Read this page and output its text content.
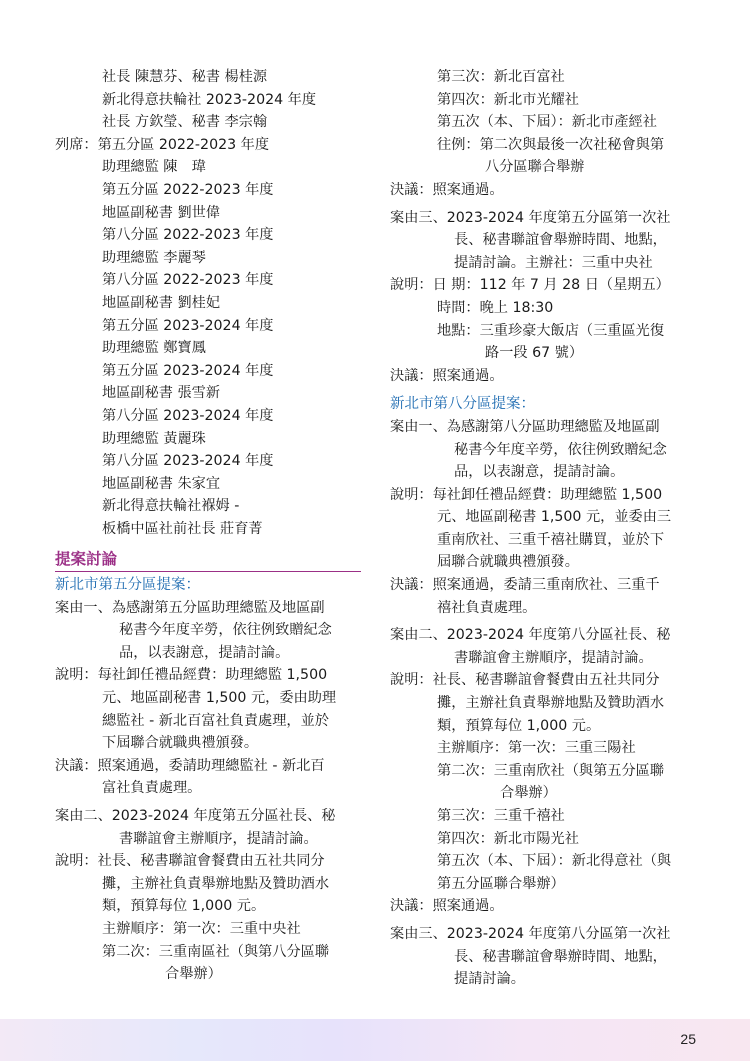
社長 陳慧芬、秘書 楊桂源
新北得意扶輪社 2023-2024 年度
社長 方欽瑩、秘書 李宗翰
列席：第五分區 2022-2023 年度
助理總監 陳　瑋
第五分區 2022-2023 年度
地區副秘書 劉世偉
第八分區 2022-2023 年度
助理總監 李麗琴
第八分區 2022-2023 年度
地區副秘書 劉桂妃
第五分區 2023-2024 年度
助理總監 鄭寶鳳
第五分區 2023-2024 年度
地區副秘書 張雪新
第八分區 2023-2024 年度
助理總監 黃麗珠
第八分區 2023-2024 年度
地區副秘書 朱家宜
新北得意扶輪社褓姆 -
板橋中區社前社長 莊育菁
提案討論
新北市第五分區提案：
案由一、為感謝第五分區助理總監及地區副
秘書今年度辛勞，依往例致贈紀念
品，以表謝意，提請討論。
說明：每社卸任禮品經費：助理總監 1,500
元、地區副秘書 1,500 元，委由助理
總監社 - 新北百富社負責處理，並於
下屆聯合就職典禮頒發。
決議：照案通過，委請助理總監社 - 新北百
富社負責處理。
案由二、2023-2024 年度第五分區社長、秘
書聯誼會主辦順序，提請討論。
說明：社長、秘書聯誼會餐費由五社共同分
攤，主辦社負責舉辦地點及贊助酒水
類，預算每位 1,000 元。
主辦順序：第一次：三重中央社
第二次：三重南區社（與第八分區聯
合舉辦）
第三次：新北百富社
第四次：新北市光耀社
第五次（本、下屆）：新北市產經社
往例：第二次與最後一次社秘會與第
八分區聯合舉辦
決議：照案通過。
案由三、2023-2024 年度第五分區第一次社
長、秘書聯誼會舉辦時間、地點，
提請討論。主辦社：三重中央社
說明：日 期：112 年 7 月 28 日（星期五）
時間：晚上 18:30
地點：三重珍豪大飯店（三重區光復
路一段 67 號）
決議：照案通過。
新北市第八分區提案：
案由一、為感謝第八分區助理總監及地區副
秘書今年度辛勞，依往例致贈紀念
品，以表謝意，提請討論。
說明：每社卸任禮品經費：助理總監 1,500
元、地區副秘書 1,500 元，並委由三
重南欣社、三重千禧社購買，並於下
屆聯合就職典禮頒發。
決議：照案通過，委請三重南欣社、三重千
禧社負責處理。
案由二、2023-2024 年度第八分區社長、秘
書聯誼會主辦順序，提請討論。
說明：社長、秘書聯誼會餐費由五社共同分
攤，主辦社負責舉辦地點及贊助酒水
類，預算每位 1,000 元。
主辦順序：第一次：三重三陽社
第二次：三重南欣社（與第五分區聯
合舉辦）
第三次：三重千禧社
第四次：新北市陽光社
第五次（本、下屆）：新北得意社（與
第五分區聯合舉辦）
決議：照案通過。
案由三、2023-2024 年度第八分區第一次社
長、秘書聯誼會舉辦時間、地點，
提請討論。
25
